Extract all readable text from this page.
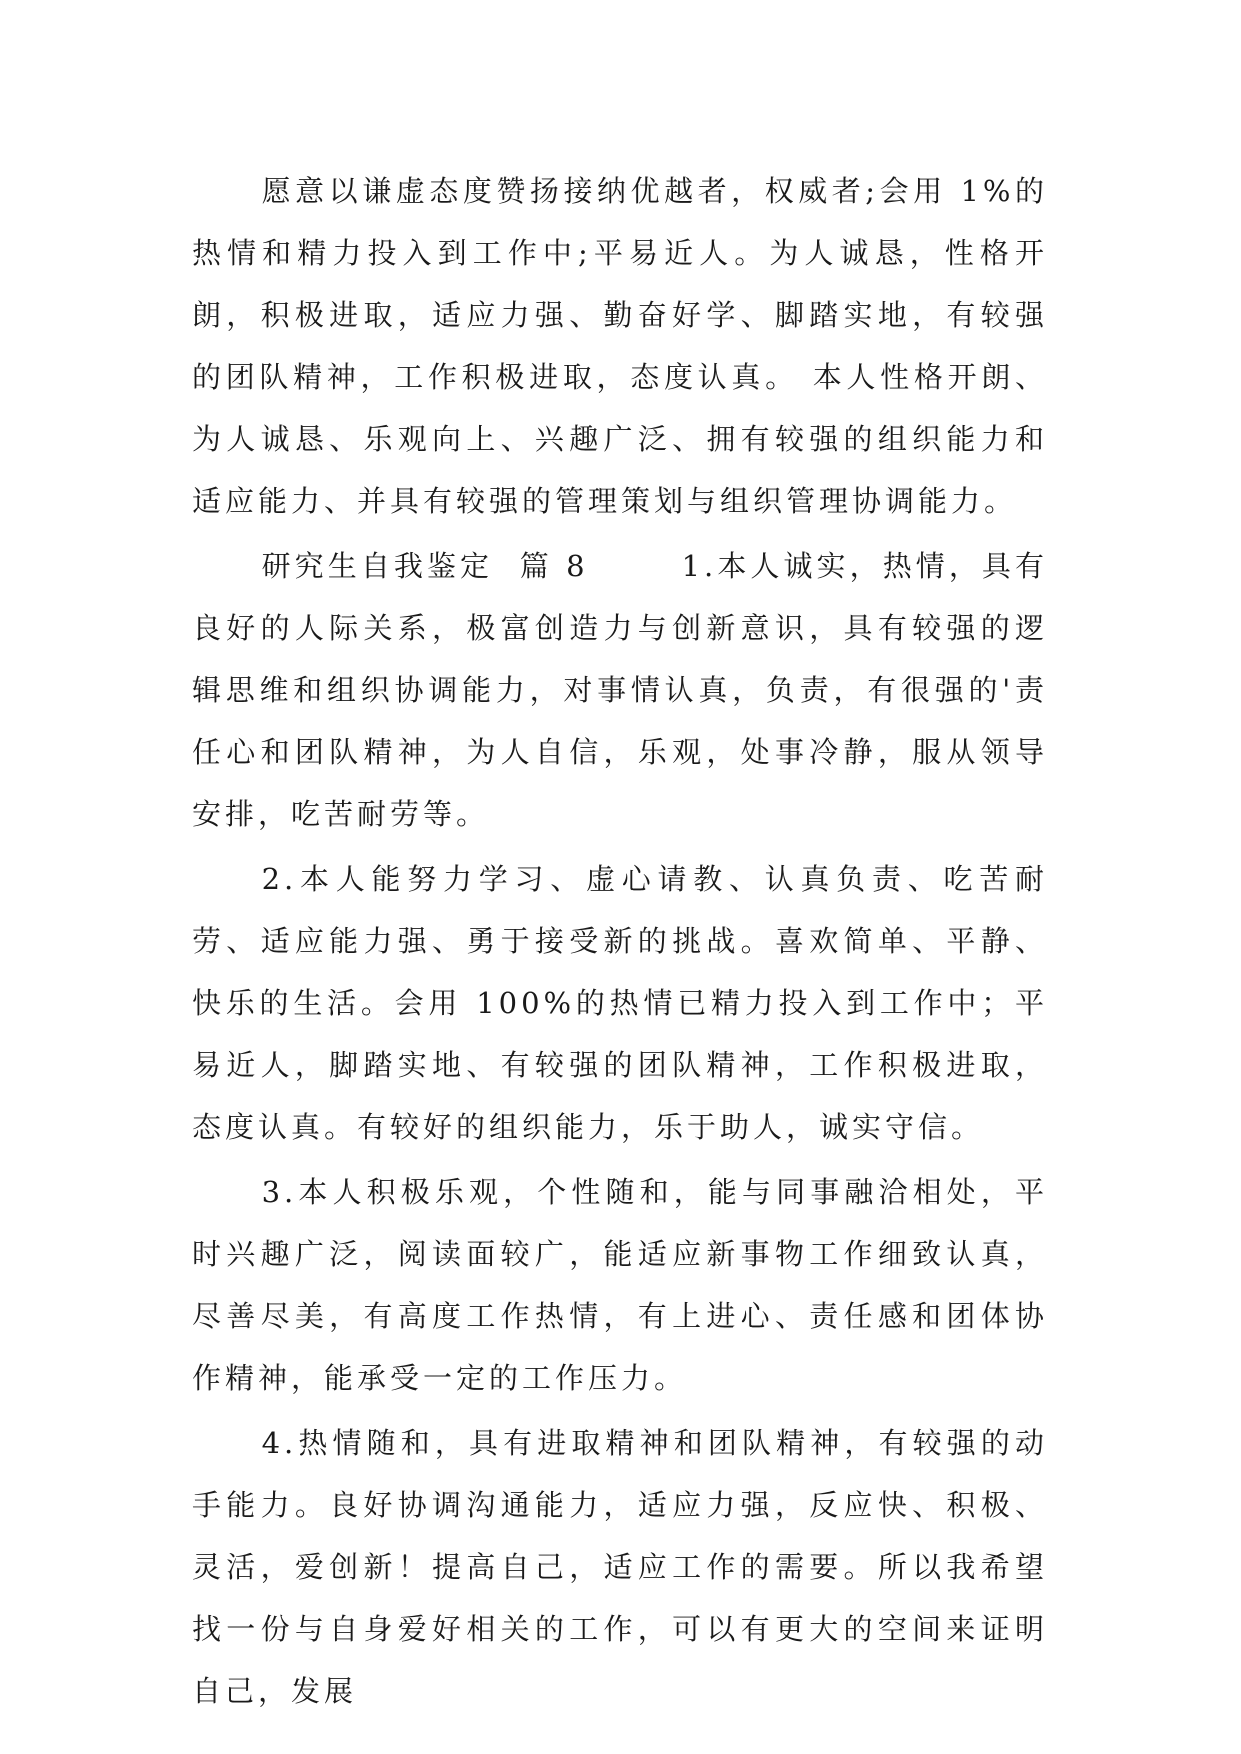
愿意以谦虚态度赞扬接纳优越者，权威者;会用 1%的热情和精力投入到工作中;平易近人。为人诚恳，性格开朗，积极进取，适应力强、勤奋好学、脚踏实地，有较强的团队精神，工作积极进取，态度认真。 本人性格开朗、为人诚恳、乐观向上、兴趣广泛、拥有较强的组织能力和适应能力、并具有较强的管理策划与组织管理协调能力。

研究生自我鉴定  篇 8       1.本人诚实，热情，具有良好的人际关系，极富创造力与创新意识，具有较强的逻辑思维和组织协调能力，对事情认真，负责，有很强的'责任心和团队精神，为人自信，乐观，处事冷静，服从领导安排，吃苦耐劳等。

2.本人能努力学习、虚心请教、认真负责、吃苦耐劳、适应能力强、勇于接受新的挑战。喜欢简单、平静、快乐的生活。会用 100%的热情已精力投入到工作中；平易近人，脚踏实地、有较强的团队精神，工作积极进取，态度认真。有较好的组织能力，乐于助人，诚实守信。

3.本人积极乐观，个性随和，能与同事融洽相处，平时兴趣广泛，阅读面较广，能适应新事物工作细致认真，尽善尽美，有高度工作热情，有上进心、责任感和团体协作精神，能承受一定的工作压力。

4.热情随和，具有进取精神和团队精神，有较强的动手能力。良好协调沟通能力，适应力强，反应快、积极、灵活，爱创新！提高自己，适应工作的需要。所以我希望找一份与自身爱好相关的工作，可以有更大的空间来证明自己，发展
